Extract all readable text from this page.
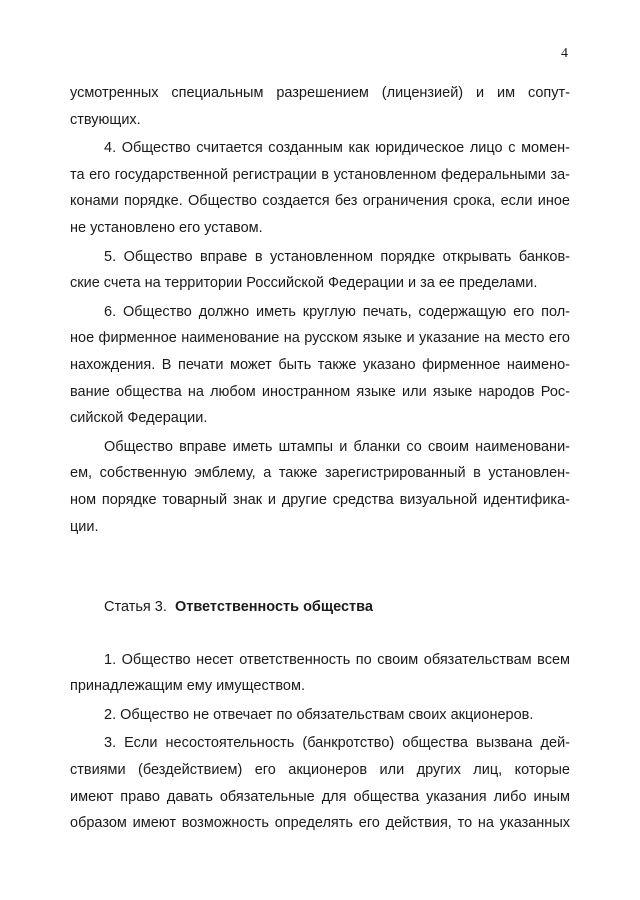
4
усмотренных специальным разрешением (лицензией) и им сопут-
ствующих.
4. Общество считается созданным как юридическое лицо с момен-
та его государственной регистрации в установленном федеральными за-
конами порядке. Общество создается без ограничения срока, если иное
не установлено его уставом.
5. Общество вправе в установленном порядке открывать банков-
ские счета на территории Российской Федерации и за ее пределами.
6. Общество должно иметь круглую печать, содержащую его пол-
ное фирменное наименование на русском языке и указание на место его
нахождения. В печати может быть также указано фирменное наимено-
вание общества на любом иностранном языке или языке народов Рос-
сийской Федерации.
Общество вправе иметь штампы и бланки со своим наименовани-
ем, собственную эмблему, а также зарегистрированный в установлен-
ном порядке товарный знак и другие средства визуальной идентифика-
ции.
Статья 3. Ответственность общества
1. Общество несет ответственность по своим обязательствам всем
принадлежащим ему имуществом.
2. Общество не отвечает по обязательствам своих акционеров.
3. Если несостоятельность (банкротство) общества вызвана дей-
ствиями (бездействием) его акционеров или других лиц, которые
имеют право давать обязательные для общества указания либо иным
образом имеют возможность определять его действия, то на указанных
